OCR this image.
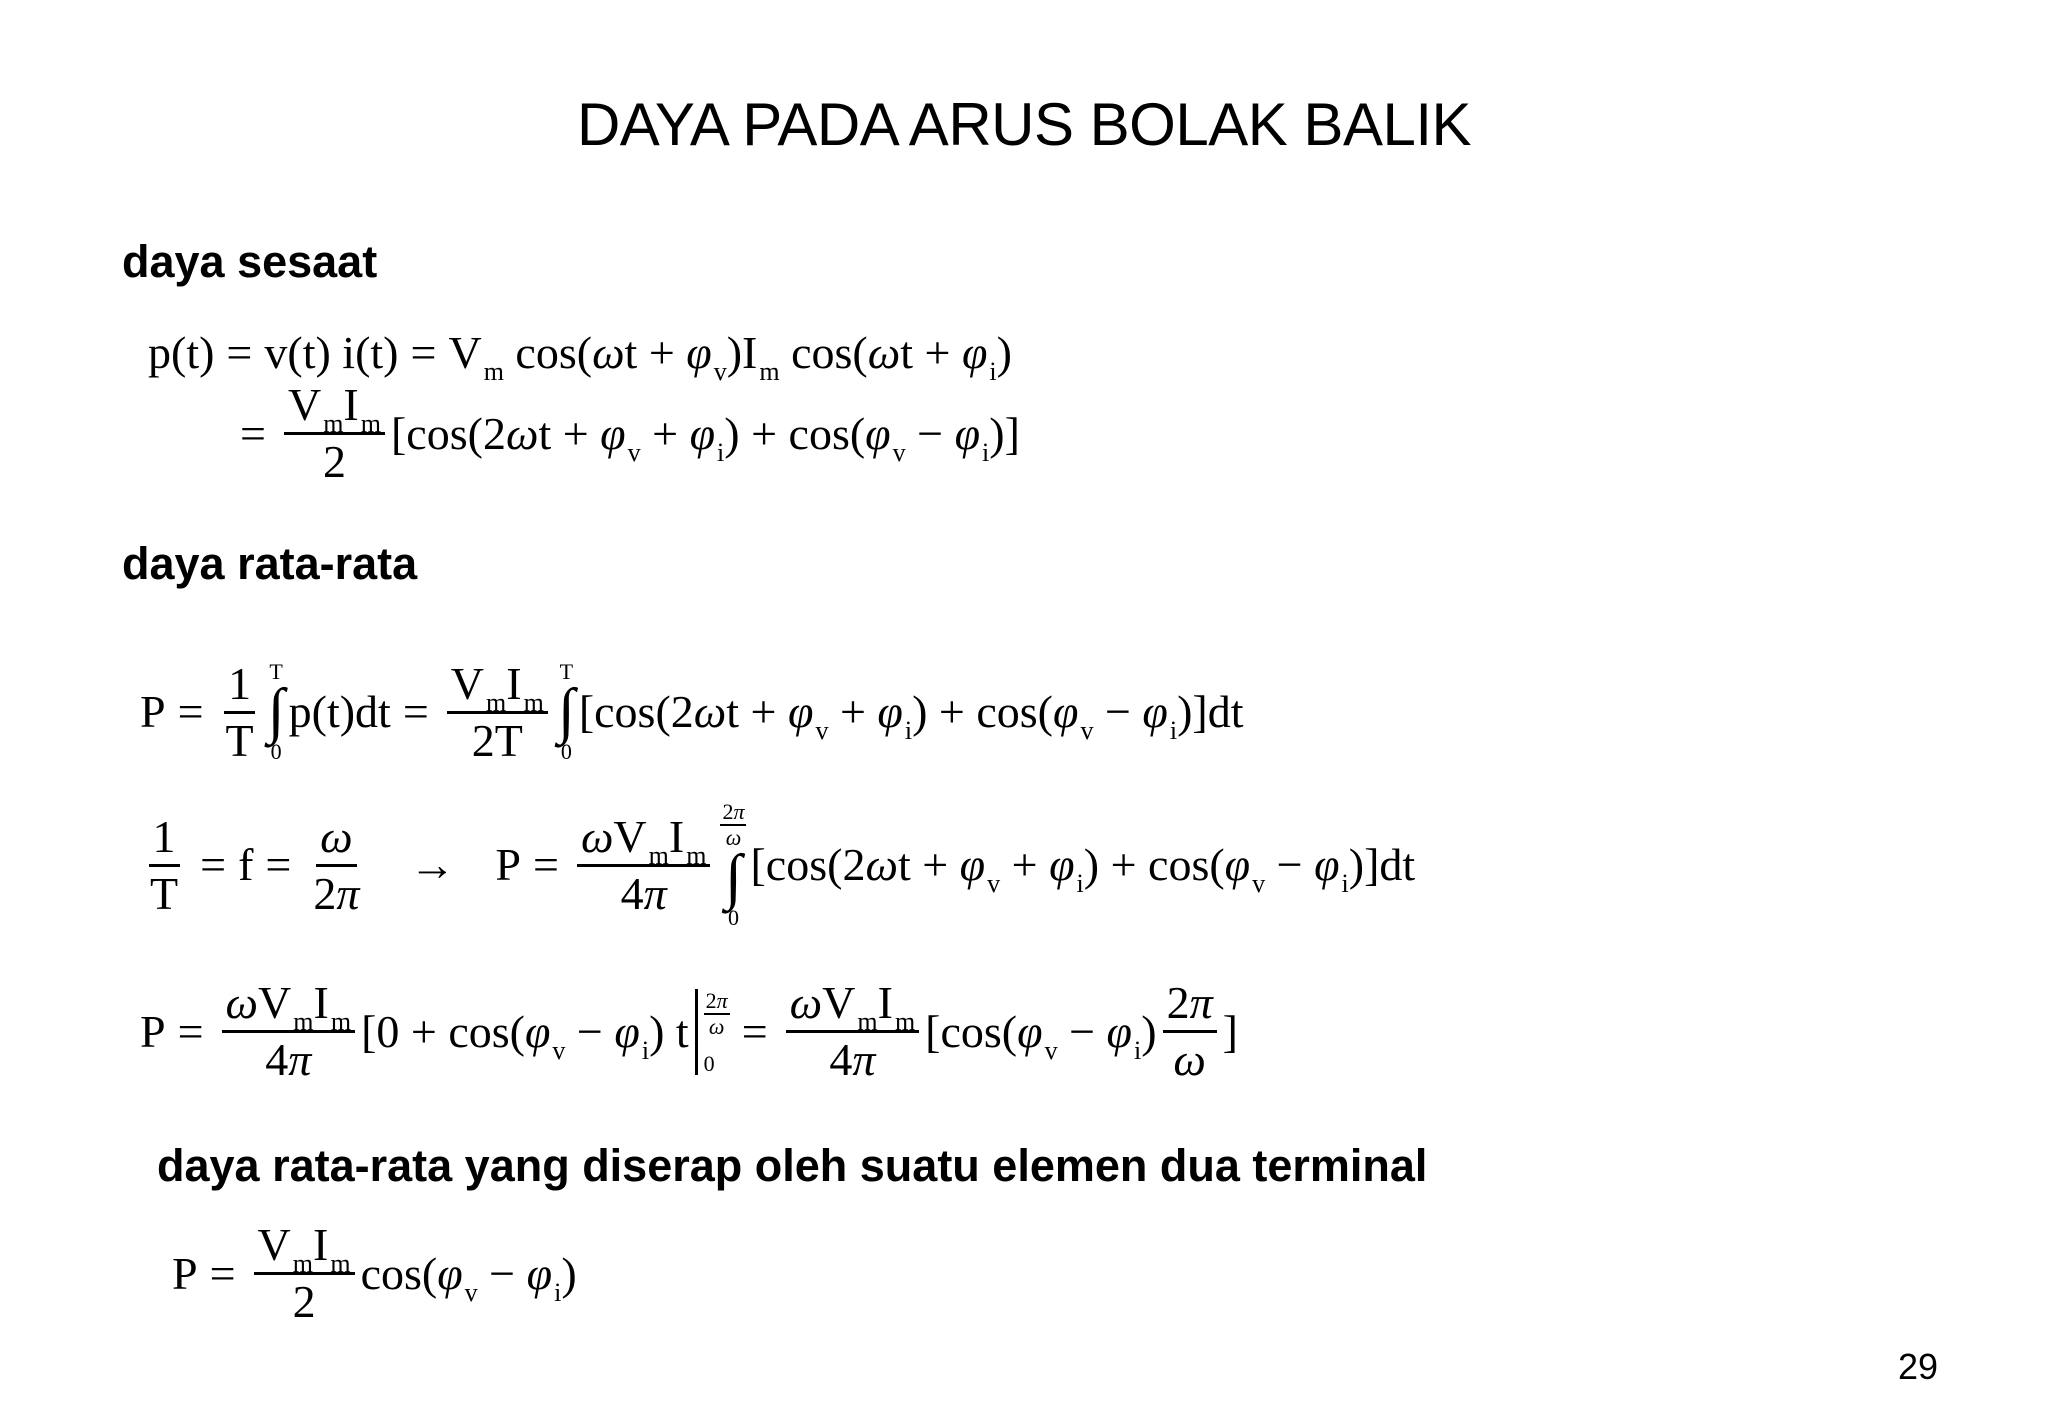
DAYA PADA ARUS BOLAK BALIK
daya sesaat
p(t) = v(t) $i(t) = V_m$ $\cos(\omega t + \varphi_v)I_m$ $\cos(\omega t + \varphi_i)$
= $\frac{V_mI_m}{2} [\cos(2\omega t + \varphi_v + \varphi_i) + \cos(\varphi_v - \varphi_i)]$
daya rata-rata
$P = \frac{1}{T}$ T
∫
0
$p(t)dt = \frac{V_mI_m}{2T}$ T
∫
0
$[\cos(2\omega t + \varphi_v + \varphi_i) + \cos(\varphi_v - \varphi_i)]dt$
$\frac{1}{T} = f = \frac{\omega}{2\pi} \to P = \frac{\omega V_mI_m}{4\pi} \frac{2\pi}{\omega}$
∫
0
$[\cos(2\omega t + \varphi_v + \varphi_i) + \cos(\varphi_v - \varphi_i)]dt$
$P = \frac{\omega V_mI_m}{4\pi} [0 + \cos(\varphi_v - \varphi_i)$ t $\frac{2\pi}{\omega}$
0
= $\frac{\omega V_mI_m}{4\pi} [\cos(\varphi_v - \varphi_i) \frac{2\pi}{\omega}$ ]
daya rata-rata yang diserap oleh suatu elemen dua terminal
$P = \frac{V_mI_m}{2} \cos(\varphi_v - \varphi_i)$
29
